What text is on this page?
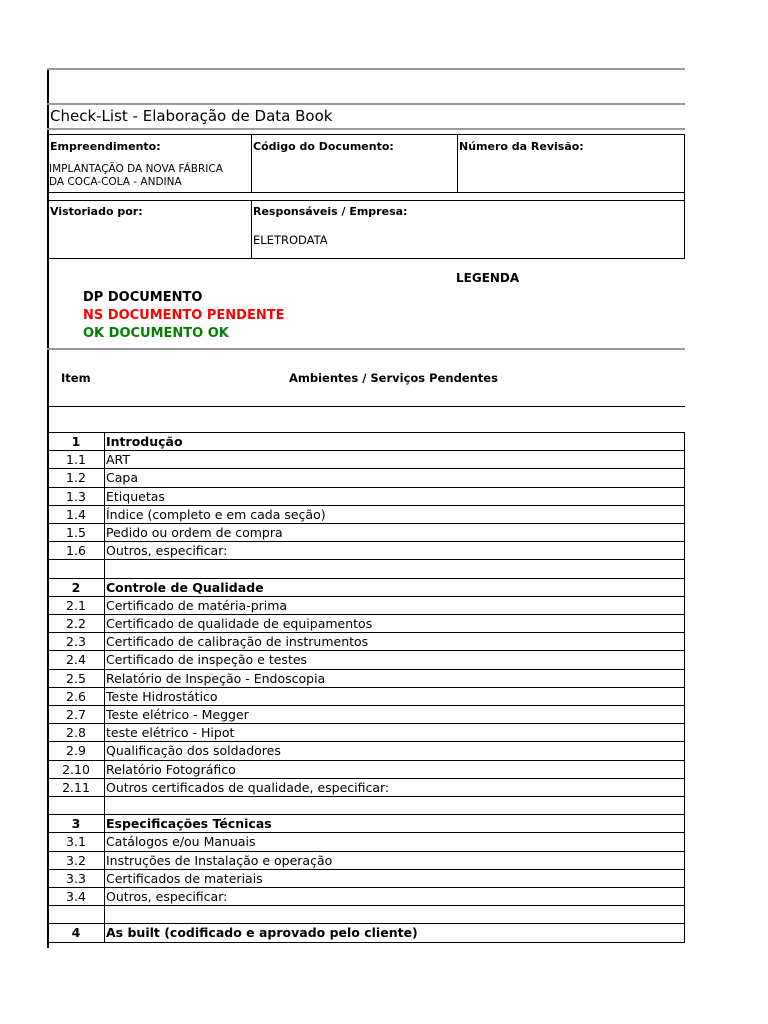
Check-List - Elaboração de Data Book
Empreendimento:
IMPLANTAÇÃO DA NOVA FÁBRICA
DA COCA-COLA - ANDINA
Código do Documento:	Número da Revisão:
Vistoriado por:	Responsáveis / Empresa:
ELETRODATA
LEGENDA
DP DOCUMENTO
NS DOCUMENTO PENDENTE
OK DOCUMENTO OK
Item	Ambientes / Serviços Pendentes
1	Introdução
1.1	ART
1.2	Capa
1.3	Etiquetas
1.4	Índice (completo e em cada seção)
1.5	Pedido ou ordem de compra
1.6	Outros, especificar:
2	Controle de Qualidade
2.1	Certificado de matéria-prima
2.2	Certificado de qualidade de equipamentos
2.3	Certificado de calibração de instrumentos
2.4	Certificado de inspeção e testes
2.5	Relatório de Inspeção - Endoscopia
2.6	Teste Hidrostático
2.7	Teste elétrico - Megger
2.8	teste elétrico - Hipot
2.9	Qualificação dos soldadores
2.10	Relatório Fotográfico
2.11	Outros certificados de qualidade, especificar:
3	Especificações Técnicas
3.1	Catálogos e/ou Manuais
3.2	Instruções de Instalação e operação
3.3	Certificados de materiais
3.4	Outros, especificar:
4	As built (codificado e aprovado pelo cliente)
